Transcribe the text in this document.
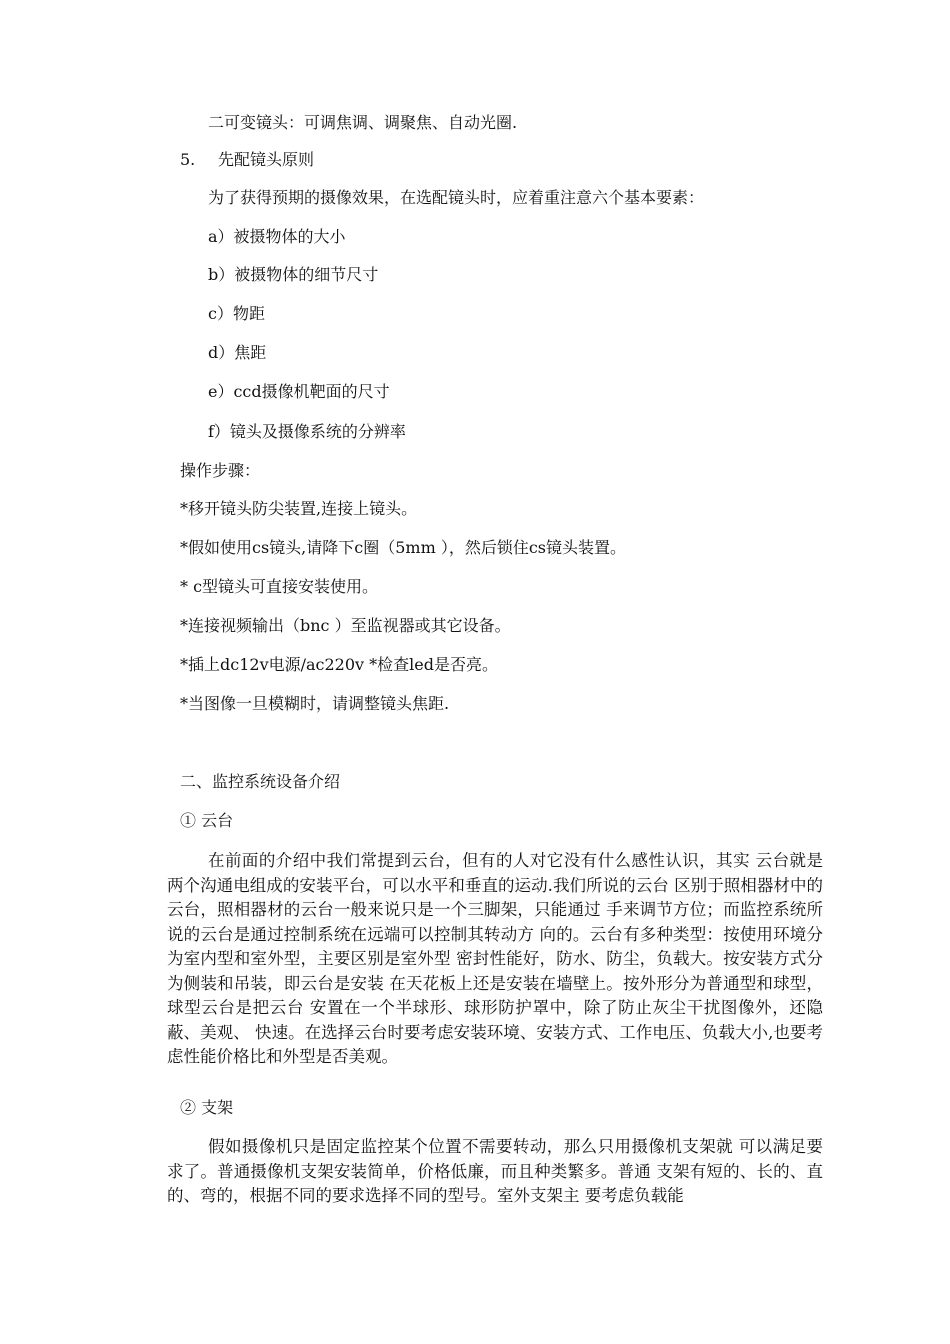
二可变镜头：可调焦调、调聚焦、自动光圈.

5. 先配镜头原则

为了获得预期的摄像效果，在选配镜头时，应着重注意六个基本要素：

a）被摄物体的大小

b）被摄物体的细节尺寸

c）物距

d）焦距

e）ccd摄像机靶面的尺寸

f）镜头及摄像系统的分辨率

操作步骤：

*移开镜头防尖装置,连接上镜头。

*假如使用cs镜头,请降下c圈（5mm ），然后锁住cs镜头装置。

* c型镜头可直接安装使用。

*连接视频输出（bnc ）至监视器或其它设备。

*插上dc12v电源/ac220v *检查led是否亮。

*当图像一旦模糊时，请调整镜头焦距.

二、监控系统设备介绍

① 云台

在前面的介绍中我们常提到云台，但有的人对它没有什么感性认识，其实 云台就是两个沟通电组成的安装平台，可以水平和垂直的运动.我们所说的云台 区别于照相器材中的云台，照相器材的云台一般来说只是一个三脚架，只能通过 手来调节方位；而监控系统所说的云台是通过控制系统在远端可以控制其转动方 向的。云台有多种类型：按使用环境分为室内型和室外型，主要区别是室外型 密封性能好，防水、防尘，负载大。按安装方式分为侧装和吊装，即云台是安装 在天花板上还是安装在墙壁上。按外形分为普通型和球型，球型云台是把云台 安置在一个半球形、球形防护罩中，除了防止灰尘干扰图像外，还隐蔽、美观、 快速。在选择云台时要考虑安装环境、安装方式、工作电压、负载大小,也要考 虑性能价格比和外型是否美观。

② 支架

假如摄像机只是固定监控某个位置不需要转动，那么只用摄像机支架就 可以满足要求了。普通摄像机支架安装简单，价格低廉，而且种类繁多。普通 支架有短的、长的、直的、弯的，根据不同的要求选择不同的型号。室外支架主 要考虑负载能
